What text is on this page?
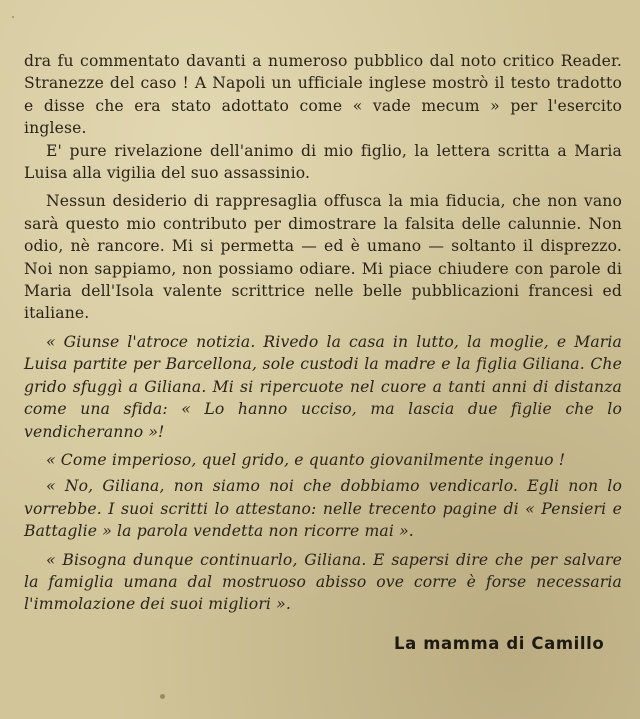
dra fu commentato davanti a numeroso pubblico dal noto critico Reader. Stranezze del caso ! A Napoli un ufficiale inglese mostrò il testo tradotto e disse che era stato adottato come « vade mecum » per l'esercito inglese.

E' pure rivelazione dell'animo di mio figlio, la lettera scritta a Maria Luisa alla vigilia del suo assassinio.

Nessun desiderio di rappresaglia offusca la mia fiducia, che non vano sarà questo mio contributo per dimostrare la falsita delle calunnie. Non odio, nè rancore. Mi si permetta — ed è umano — soltanto il disprezzo. Noi non sappiamo, non possiamo odiare. Mi piace chiudere con parole di Maria dell'Isola valente scrittrice nelle belle pubblicazioni francesi ed italiane.

« Giunse l'atroce notizia. Rivedo la casa in lutto, la moglie, e Maria Luisa partite per Barcellona, sole custodi la madre e la figlia Giliana. Che grido sfuggì a Giliana. Mi si ripercuote nel cuore a tanti anni di distanza come una sfida: « Lo hanno ucciso, ma lascia due figlie che lo vendicheranno »!

« Come imperioso, quel grido, e quanto giovanilmente ingenuo !

« No, Giliana, non siamo noi che dobbiamo vendicarlo. Egli non lo vorrebbe. I suoi scritti lo attestano: nelle trecento pagine di « Pensieri e Battaglie » la parola vendetta non ricorre mai ».

« Bisogna dunque continuarlo, Giliana. E sapersi dire che per salvare la famiglia umana dal mostruoso abisso ove corre è forse necessaria l'immolazione dei suoi migliori ».

La mamma di Camillo
